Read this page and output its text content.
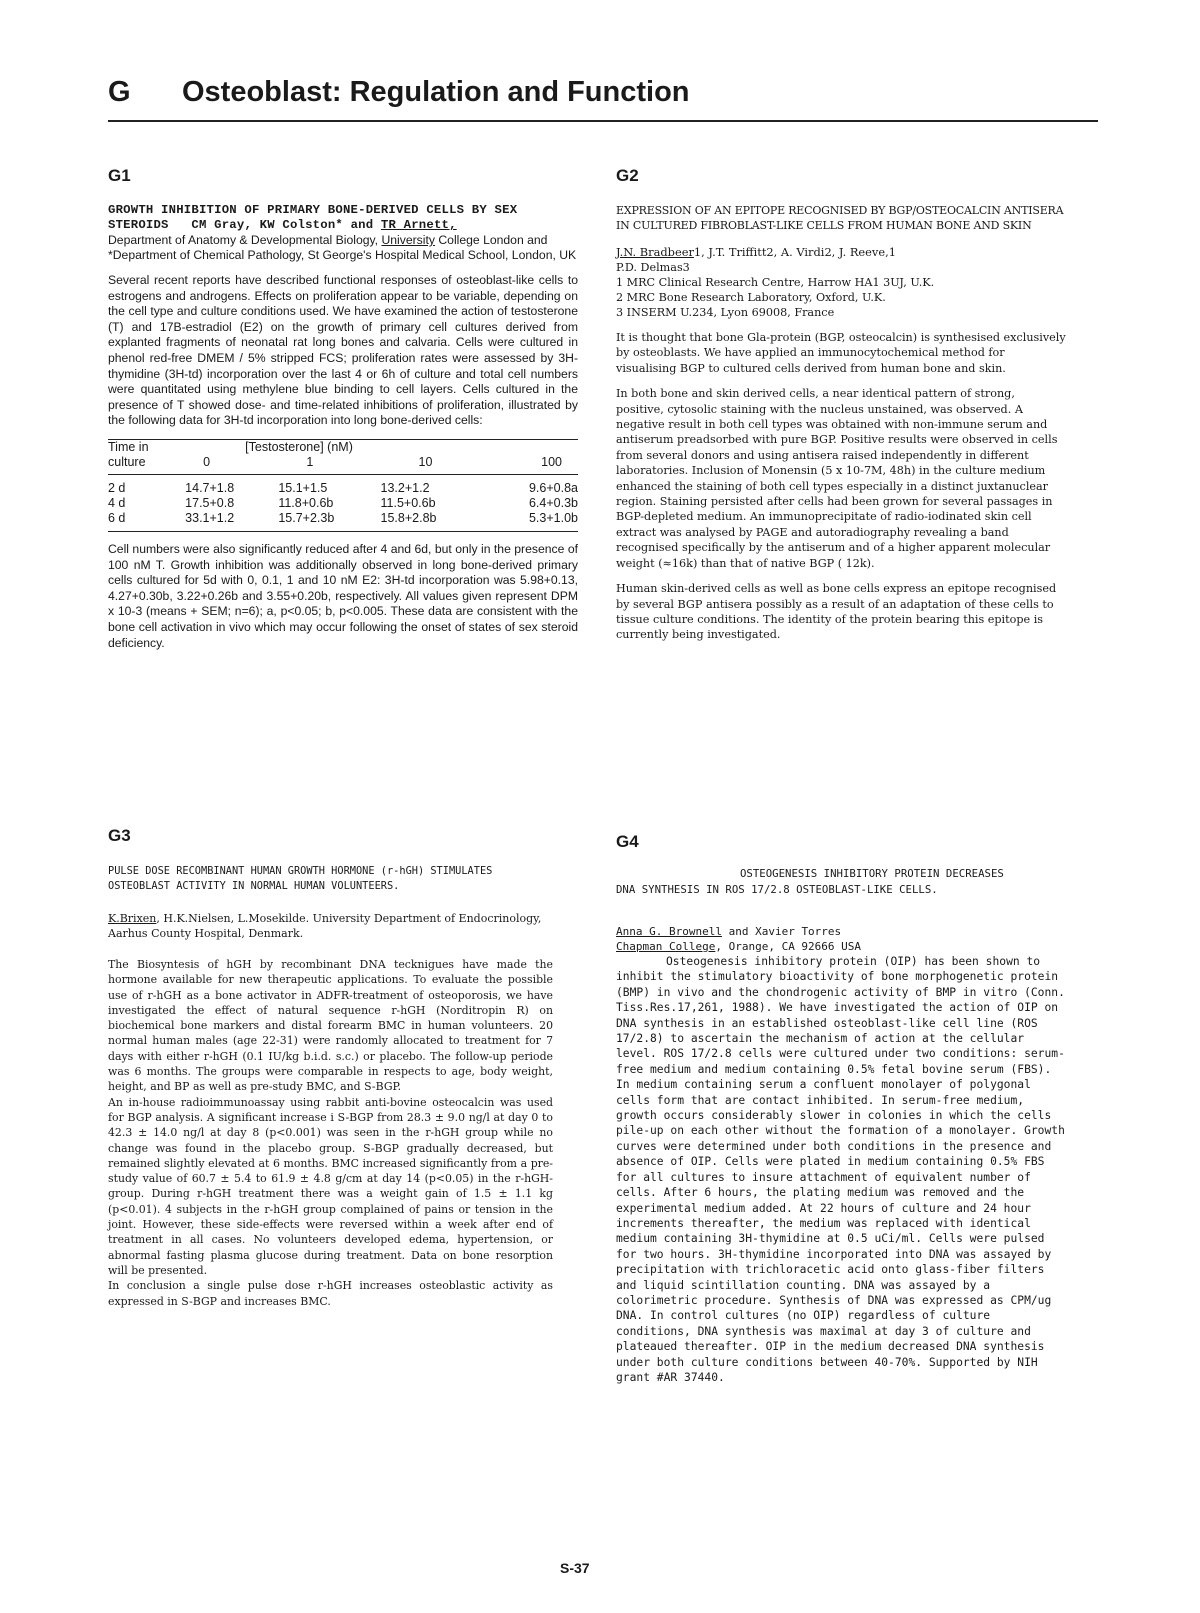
G Osteoblast: Regulation and Function
G1
GROWTH INHIBITION OF PRIMARY BONE-DERIVED CELLS BY SEX STEROIDS CM Gray, KW Colston* and TR Arnett,
Department of Anatomy & Developmental Biology, University College London and *Department of Chemical Pathology, St George's Hospital Medical School, London, UK

Several recent reports have described functional responses of osteoblast-like cells to estrogens and androgens. Effects on proliferation appear to be variable, depending on the cell type and culture conditions used. We have examined the action of testosterone (T) and 17B-estradiol (E2) on the growth of primary cell cultures derived from explanted fragments of neonatal rat long bones and calvaria. Cells were cultured in phenol red-free DMEM / 5% stripped FCS; proliferation rates were assessed by 3H-thymidine (3H-td) incorporation over the last 4 or 6h of culture and total cell numbers were quantitated using methylene blue binding to cell layers. Cells cultured in the presence of T showed dose- and time-related inhibitions of proliferation, illustrated by the following data for 3H-td incorporation into long bone-derived cells:

Time in	[Testosterone] (nM)			
culture	0	1	10	100
2 d	14.7+1.8	15.1+1.5	13.2+1.2	9.6+0.8a
4 d	17.5+0.8	11.8+0.6b	11.5+0.6b	6.4+0.3b
6 d	33.1+1.2	15.7+2.3b	15.8+2.8b	5.3+1.0b

Cell numbers were also significantly reduced after 4 and 6d, but only in the presence of 100 nM T. Growth inhibition was additionally observed in long bone-derived primary cells cultured for 5d with 0, 0.1, 1 and 10 nM E2: 3H-td incorporation was 5.98+0.13, 4.27+0.30b, 3.22+0.26b and 3.55+0.20b, respectively. All values given represent DPM x 10-3 (means + SEM; n=6); a, p<0.05; b, p<0.005. These data are consistent with the bone cell activation in vivo which may occur following the onset of states of sex steroid deficiency.

G2
EXPRESSION OF AN EPITOPE RECOGNISED BY BGP/OSTEOCALCIN ANTISERA IN CULTURED FIBROBLAST-LIKE CELLS FROM HUMAN BONE AND SKIN
J.N. Bradbeer1, J.T. Triffitt2, A. Virdi2, J. Reeve,1
P.D. Delmas3
1 MRC Clinical Research Centre, Harrow HA1 3UJ, U.K.
2 MRC Bone Research Laboratory, Oxford, U.K.
3 INSERM U.234, Lyon 69008, France

It is thought that bone Gla-protein (BGP, osteocalcin) is synthesised exclusively by osteoblasts. We have applied an immunocytochemical method for visualising BGP to cultured cells derived from human bone and skin.

In both bone and skin derived cells, a near identical pattern of strong, positive, cytosolic staining with the nucleus unstained, was observed. A negative result in both cell types was obtained with non-immune serum and antiserum preadsorbed with pure BGP. Positive results were observed in cells from several donors and using antisera raised independently in different laboratories. Inclusion of Monensin (5 x 10-7M, 48h) in the culture medium enhanced the staining of both cell types especially in a distinct juxtanuclear region. Staining persisted after cells had been grown for several passages in BGP-depleted medium. An immunoprecipitate of radio-iodinated skin cell extract was analysed by PAGE and autoradiography revealing a band recognised specifically by the antiserum and of a higher apparent molecular weight (≈16k) than that of native BGP ( 12k).

Human skin-derived cells as well as bone cells express an epitope recognised by several BGP antisera possibly as a result of an adaptation of these cells to tissue culture conditions. The identity of the protein bearing this epitope is currently being investigated.

G3
PULSE DOSE RECOMBINANT HUMAN GROWTH HORMONE (r-hGH) STIMULATES OSTEOBLAST ACTIVITY IN NORMAL HUMAN VOLUNTEERS.
K.Brixen, H.K.Nielsen, L.Mosekilde. University Department of Endocrinology, Aarhus County Hospital, Denmark.

The Biosyntesis of hGH by recombinant DNA tecknigues have made the hormone available for new therapeutic applications. To evaluate the possible use of r-hGH as a bone activator in ADFR-treatment of osteoporosis, we have investigated the effect of natural sequence r-hGH (Norditropin R) on biochemical bone markers and distal forearm BMC in human volunteers. 20 normal human males (age 22-31) were randomly allocated to treatment for 7 days with either r-hGH (0.1 IU/kg b.i.d. s.c.) or placebo. The follow-up periode was 6 months. The groups were comparable in respects to age, body weight, height, and BP as well as pre-study BMC, and S-BGP.

An in-house radioimmunoassay using rabbit anti-bovine osteocalcin was used for BGP analysis. A significant increase i S-BGP from 28.3 ± 9.0 ng/l at day 0 to 42.3 ± 14.0 ng/l at day 8 (p<0.001) was seen in the r-hGH group while no change was found in the placebo group. S-BGP gradually decreased, but remained slightly elevated at 6 months. BMC increased significantly from a pre-study value of 60.7 ± 5.4 to 61.9 ± 4.8 g/cm at day 14 (p<0.05) in the r-hGH-group. During r-hGH treatment there was a weight gain of 1.5 ± 1.1 kg (p<0.01). 4 subjects in the r-hGH group complained of pains or tension in the joint. However, these side-effects were reversed within a week after end of treatment in all cases. No volunteers developed edema, hypertension, or abnormal fasting plasma glucose during treatment. Data on bone resorption will be presented.

In conclusion a single pulse dose r-hGH increases osteoblastic activity as expressed in S-BGP and increases BMC.

G4
OSTEOGENESIS INHIBITORY PROTEIN DECREASES
DNA SYNTHESIS IN ROS 17/2.8 OSTEOBLAST-LIKE CELLS.
Anna G. Brownell and Xavier Torres
Chapman College, Orange, CA 92666 USA

Osteogenesis inhibitory protein (OIP) has been shown to inhibit the stimulatory bioactivity of bone morphogenetic protein (BMP) in vivo and the chondrogenic activity of BMP in vitro (Conn. Tiss.Res.17,261, 1988). We have investigated the action of OIP on DNA synthesis in an established osteoblast-like cell line (ROS 17/2.8) to ascertain the mechanism of action at the cellular level. ROS 17/2.8 cells were cultured under two conditions: serum-free medium and medium containing 0.5% fetal bovine serum (FBS). In medium containing serum a confluent monolayer of polygonal cells form that are contact inhibited. In serum-free medium, growth occurs considerably slower in colonies in which the cells pile-up on each other without the formation of a monolayer. Growth curves were determined under both conditions in the presence and absence of OIP. Cells were plated in medium containing 0.5% FBS for all cultures to insure attachment of equivalent number of cells. After 6 hours, the plating medium was removed and the experimental medium added. At 22 hours of culture and 24 hour increments thereafter, the medium was replaced with identical medium containing 3H-thymidine at 0.5 uCi/ml. Cells were pulsed for two hours. 3H-thymidine incorporated into DNA was assayed by precipitation with trichloracetic acid onto glass-fiber filters and liquid scintillation counting. DNA was assayed by a colorimetric procedure. Synthesis of DNA was expressed as CPM/ug DNA. In control cultures (no OIP) regardless of culture conditions, DNA synthesis was maximal at day 3 of culture and plateaued thereafter. OIP in the medium decreased DNA synthesis under both culture conditions between 40-70%. Supported by NIH grant #AR 37440.

S-37
